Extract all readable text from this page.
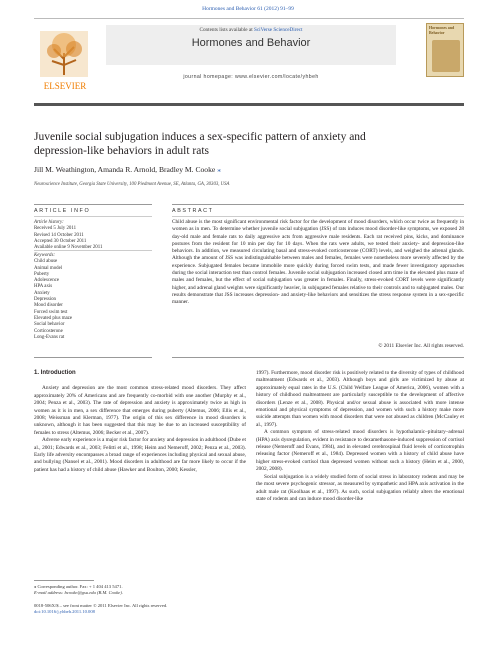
Hormones and Behavior 61 (2012) 91–99
ELSEVIER
Contents lists available at SciVerse ScienceDirect
Hormones and Behavior
journal homepage: www.elsevier.com/locate/yhbeh
Hormones and Behavior
Juvenile social subjugation induces a sex-specific pattern of anxiety and
depression-like behaviors in adult rats
Jill M. Weathington, Amanda R. Arnold, Bradley M. Cooke ⁎
Neuroscience Institute, Georgia State University, 100 Piedmont Avenue, SE, Atlanta, GA, 30303, USA
ARTICLE INFO	ABSTRACT
Article history:
Received 5 July 2011
Revised 14 October 2011
Accepted 30 October 2011
Available online 9 November 2011
Keywords:
Child abuse
Animal model
Puberty
Adolescence
HPA axis
Anxiety
Depression
Mood disorder
Forced swim test
Elevated plus maze
Social behavior
Corticosterone
Long-Evans rat
Child abuse is the most significant environmental risk factor for the development of mood disorders, which occur twice as frequently in women as in men. To determine whether juvenile social subjugation (JSS) of rats induces mood disorder-like symptoms, we exposed 28 day-old male and female rats to daily aggressive acts from aggressive male residents. Each rat received pins, kicks, and dominance postures from the resident for 10 min per day for 10 days. When the rats were adults, we tested their anxiety- and depression-like behaviors. In addition, we measured circulating basal and stress-evoked corticosterone (CORT) levels, and weighed the adrenal glands. Although the amount of JSS was indistinguishable between males and females, females were nonetheless more severely affected by the experience. Subjugated females became immobile more quickly during forced swim tests, and made fewer investigatory approaches during the social interaction test than control females. Juvenile social subjugation increased closed arm time in the elevated plus maze of males and females, but the effect of social subjugation was greater in females. Finally, stress-evoked CORT levels were significantly higher, and adrenal gland weights were significantly heavier, in subjugated females relative to their controls and to subjugated males. Our results demonstrate that JSS increases depression- and anxiety-like behaviors and sensitizes the stress response system in a sex-specific manner.
© 2011 Elsevier Inc. All rights reserved.
1. Introduction

Anxiety and depression are the most common stress-related mood disorders. They affect approximately 20% of Americans and are frequently co-morbid with one another (Murphy et al., 2004; Penza et al., 2003). The rate of depression and anxiety is approximately twice as high in women as it is in men, a sex difference that emerges during puberty (Altemus, 2006; Ellis et al., 2008; Weissman and Klerman, 1977). The origin of this sex difference in mood disorders is unknown, although it has been suggested that this may be due to an increased susceptibility of females to stress (Altemus, 2006; Becker et al., 2007).

Adverse early experience is a major risk factor for anxiety and depression in adulthood (Dube et al., 2001; Edwards et al., 2003; Felitti et al., 1998; Heim and Nemeroff, 2002; Penza et al., 2003). Early life adversity encompasses a broad range of experiences including physical and sexual abuse, and bullying (Nansel et al., 2001). Mood disorders in adulthood are far more likely to occur if the patient has had a history of child abuse (Hawker and Boulton, 2000; Kessler,

1997). Furthermore, mood disorder risk is positively related to the diversity of types of childhood maltreatment (Edwards et al., 2003). Although boys and girls are victimized by abuse at approximately equal rates in the U.S. (Child Welfare League of America, 2006), women with a history of childhood maltreatment are particularly susceptible to the development of affective disorders (Lenze et al., 2008). Physical and/or sexual abuse is associated with more intense emotional and physical symptoms of depression, and women with such a history make more suicide attempts than women with mood disorders that were not abused as children (McCauley et al., 1997).

A common symptom of stress-related mood disorders is hypothalamic–pituitary–adrenal (HPA) axis dysregulation, evident in resistance to dexamethasone-induced suppression of cortisol release (Nemeroff and Evans, 1984), and in elevated cerebrospinal fluid levels of corticotrophin releasing factor (Nemeroff et al., 1984). Depressed women with a history of child abuse have higher stress-evoked cortisol than depressed women without such a history (Heim et al., 2000, 2002, 2008).

Social subjugation is a widely studied form of social stress in laboratory rodents and may be the most severe psychogenic stressor, as measured by sympathetic and HPA axis activation in the adult male rat (Koolhaas et al., 1997). As such, social subjugation reliably alters the emotional state of rodents and can induce mood disorder-like

⁎ Corresponding author. Fax: + 1 404 413 5471.
E-mail address: bcooke@gsu.edu (B.M. Cooke).
0018-506X/$ – see front matter © 2011 Elsevier Inc. All rights reserved.
doi:10.1016/j.yhbeh.2011.10.008
